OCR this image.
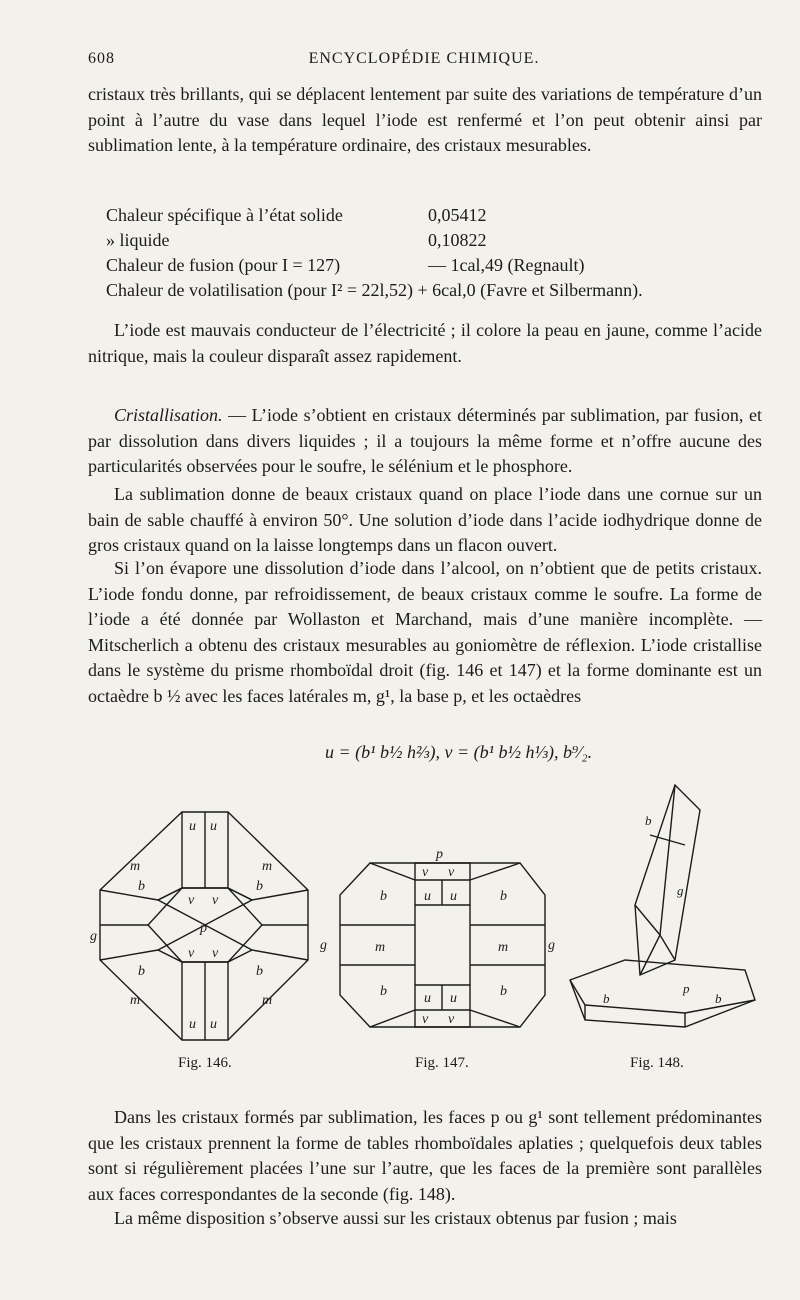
608	ENCYCLOPÉDIE CHIMIQUE.

cristaux très brillants, qui se déplacent lentement par suite des variations de température d’un point à l’autre du vase dans lequel l’iode est renfermé et l’on peut obtenir ainsi par sublimation lente, à la température ordinaire, des cristaux mesurables.

Chaleur spécifique à l’état solide	0,05412
» liquide	0,10822
Chaleur de fusion (pour I = 127)	— 1cal,49 (Regnault)
Chaleur de volatilisation (pour I² = 22l,52) + 6cal,0 (Favre et Silbermann).

L’iode est mauvais conducteur de l’électricité ; il colore la peau en jaune, comme l’acide nitrique, mais la couleur disparaît assez rapidement.

Cristallisation. — L’iode s’obtient en cristaux déterminés par sublimation, par fusion, et par dissolution dans divers liquides ; il a toujours la même forme et n’offre aucune des particularités observées pour le soufre, le sélénium et le phosphore.

La sublimation donne de beaux cristaux quand on place l’iode dans une cornue sur un bain de sable chauffé à environ 50°. Une solution d’iode dans l’acide iodhydrique donne de gros cristaux quand on la laisse longtemps dans un flacon ouvert.

Si l’on évapore une dissolution d’iode dans l’alcool, on n’obtient que de petits cristaux. L’iode fondu donne, par refroidissement, de beaux cristaux comme le soufre. La forme de l’iode a été donnée par Wollaston et Marchand, mais d’une manière incomplète. — Mitscherlich a obtenu des cristaux mesurables au goniomètre de réflexion. L’iode cristallise dans le système du prisme rhomboïdal droit (fig. 146 et 147) et la forme dominante est un octaèdre b ½ avec les faces latérales m, g¹, la base p, et les octaèdres

u = (b¹ b½ h⅔), v = (b¹ b½ h⅓), b⁹⁄₂.
m	m
m	m
u u
u u
v v
v v
p
g
b	b
b	b
Fig. 146.
p
v v
u u
u u
v v
m	m
g	g
b	b
b	b
Fig. 147.
g
p
b	b
b
Fig. 148.

Dans les cristaux formés par sublimation, les faces p ou g¹ sont tellement prédominantes que les cristaux prennent la forme de tables rhomboïdales aplaties ; quelquefois deux tables sont si régulièrement placées l’une sur l’autre, que les faces de la première sont parallèles aux faces correspondantes de la seconde (fig. 148).

La même disposition s’observe aussi sur les cristaux obtenus par fusion ; mais
